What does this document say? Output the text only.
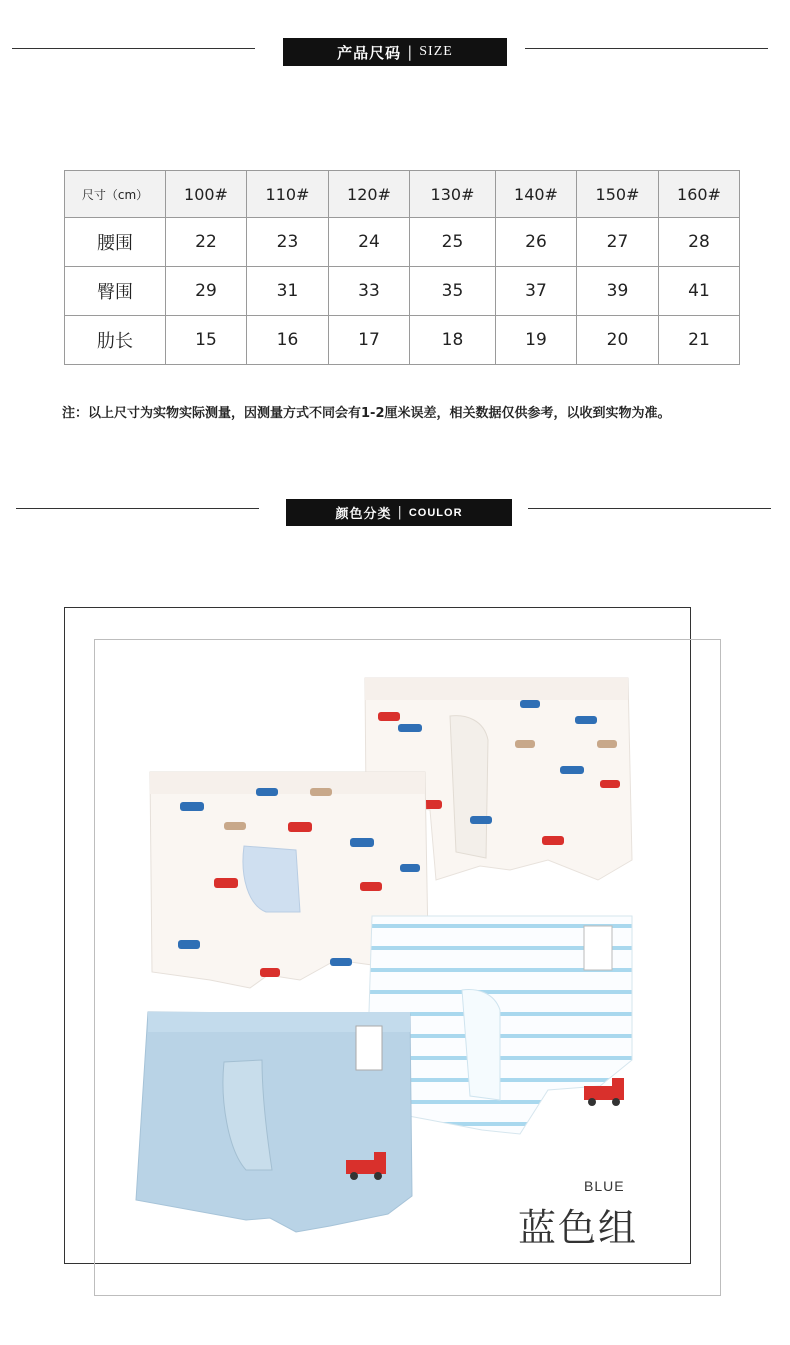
产品尺码 | SIZE
尺寸（cm）	100#	110#	120#	130#	140#	150#	160#
腰围	22	23	24	25	26	27	28
臀围	29	31	33	35	37	39	41
肋长	15	16	17	18	19	20	21
注：以上尺寸为实物实际测量，因测量方式不同会有1-2厘米误差，相关数据仅供参考，以收到实物为准。
颜色分类 | COULOR
BLUE
蓝色组
